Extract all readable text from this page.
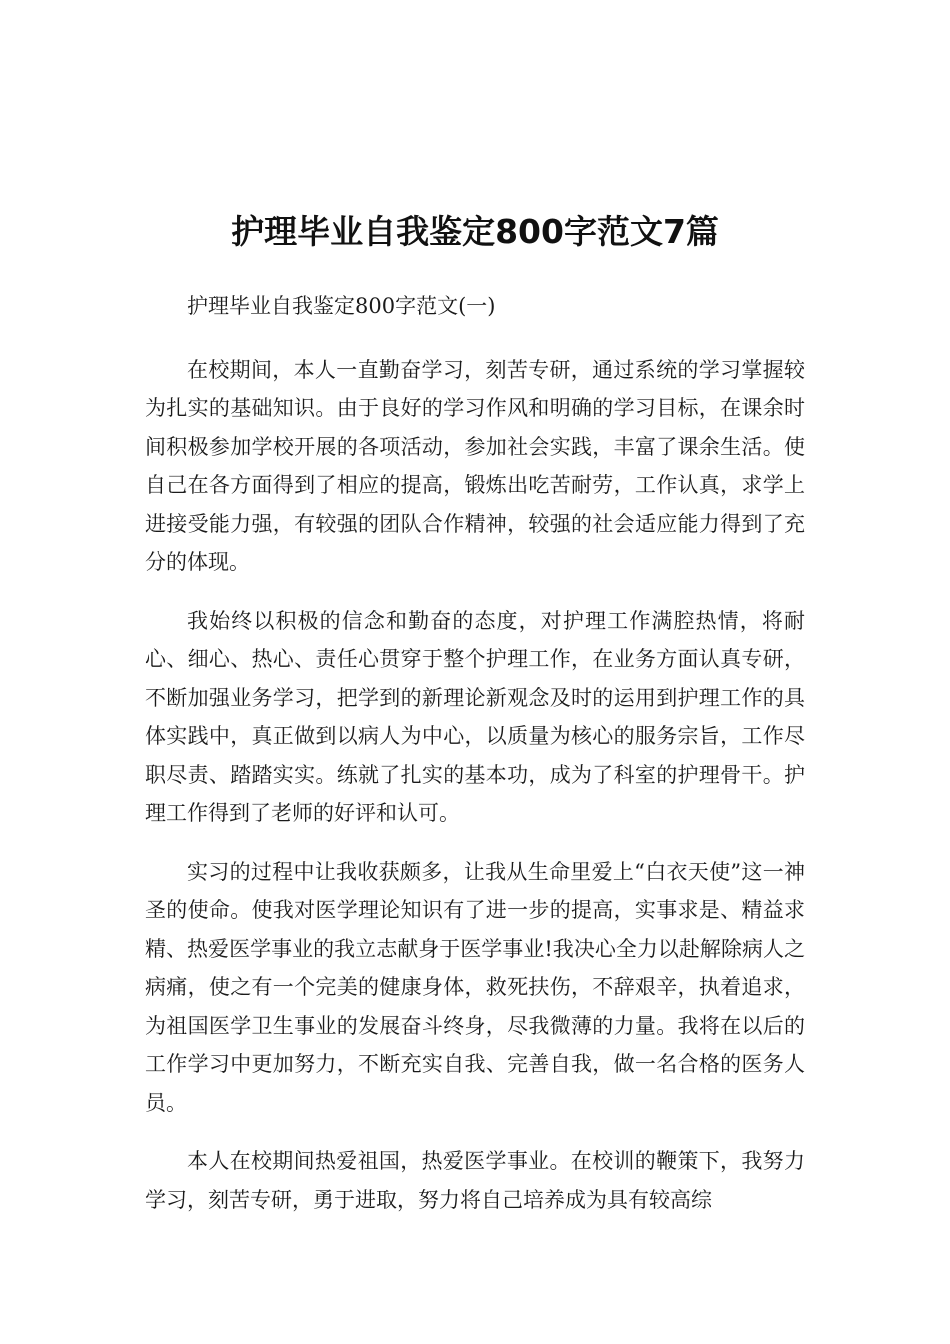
护理毕业自我鉴定800字范文7篇

护理毕业自我鉴定800字范文(一)

在校期间，本人一直勤奋学习，刻苦专研，通过系统的学习掌握较为扎实的基础知识。由于良好的学习作风和明确的学习目标，在课余时间积极参加学校开展的各项活动，参加社会实践，丰富了课余生活。使自己在各方面得到了相应的提高，锻炼出吃苦耐劳，工作认真，求学上进接受能力强，有较强的团队合作精神，较强的社会适应能力得到了充分的体现。

我始终以积极的信念和勤奋的态度，对护理工作满腔热情，将耐心、细心、热心、责任心贯穿于整个护理工作，在业务方面认真专研，不断加强业务学习，把学到的新理论新观念及时的运用到护理工作的具体实践中，真正做到以病人为中心，以质量为核心的服务宗旨，工作尽职尽责、踏踏实实。练就了扎实的基本功，成为了科室的护理骨干。护理工作得到了老师的好评和认可。

实习的过程中让我收获颇多，让我从生命里爱上“白衣天使”这一神圣的使命。使我对医学理论知识有了进一步的提高，实事求是、精益求精、热爱医学事业的我立志献身于医学事业!我决心全力以赴解除病人之病痛，使之有一个完美的健康身体，救死扶伤，不辞艰辛，执着追求，为祖国医学卫生事业的发展奋斗终身，尽我微薄的力量。我将在以后的工作学习中更加努力，不断充实自我、完善自我，做一名合格的医务人员。

本人在校期间热爱祖国，热爱医学事业。在校训的鞭策下，我努力学习，刻苦专研，勇于进取，努力将自己培养成为具有较高综
